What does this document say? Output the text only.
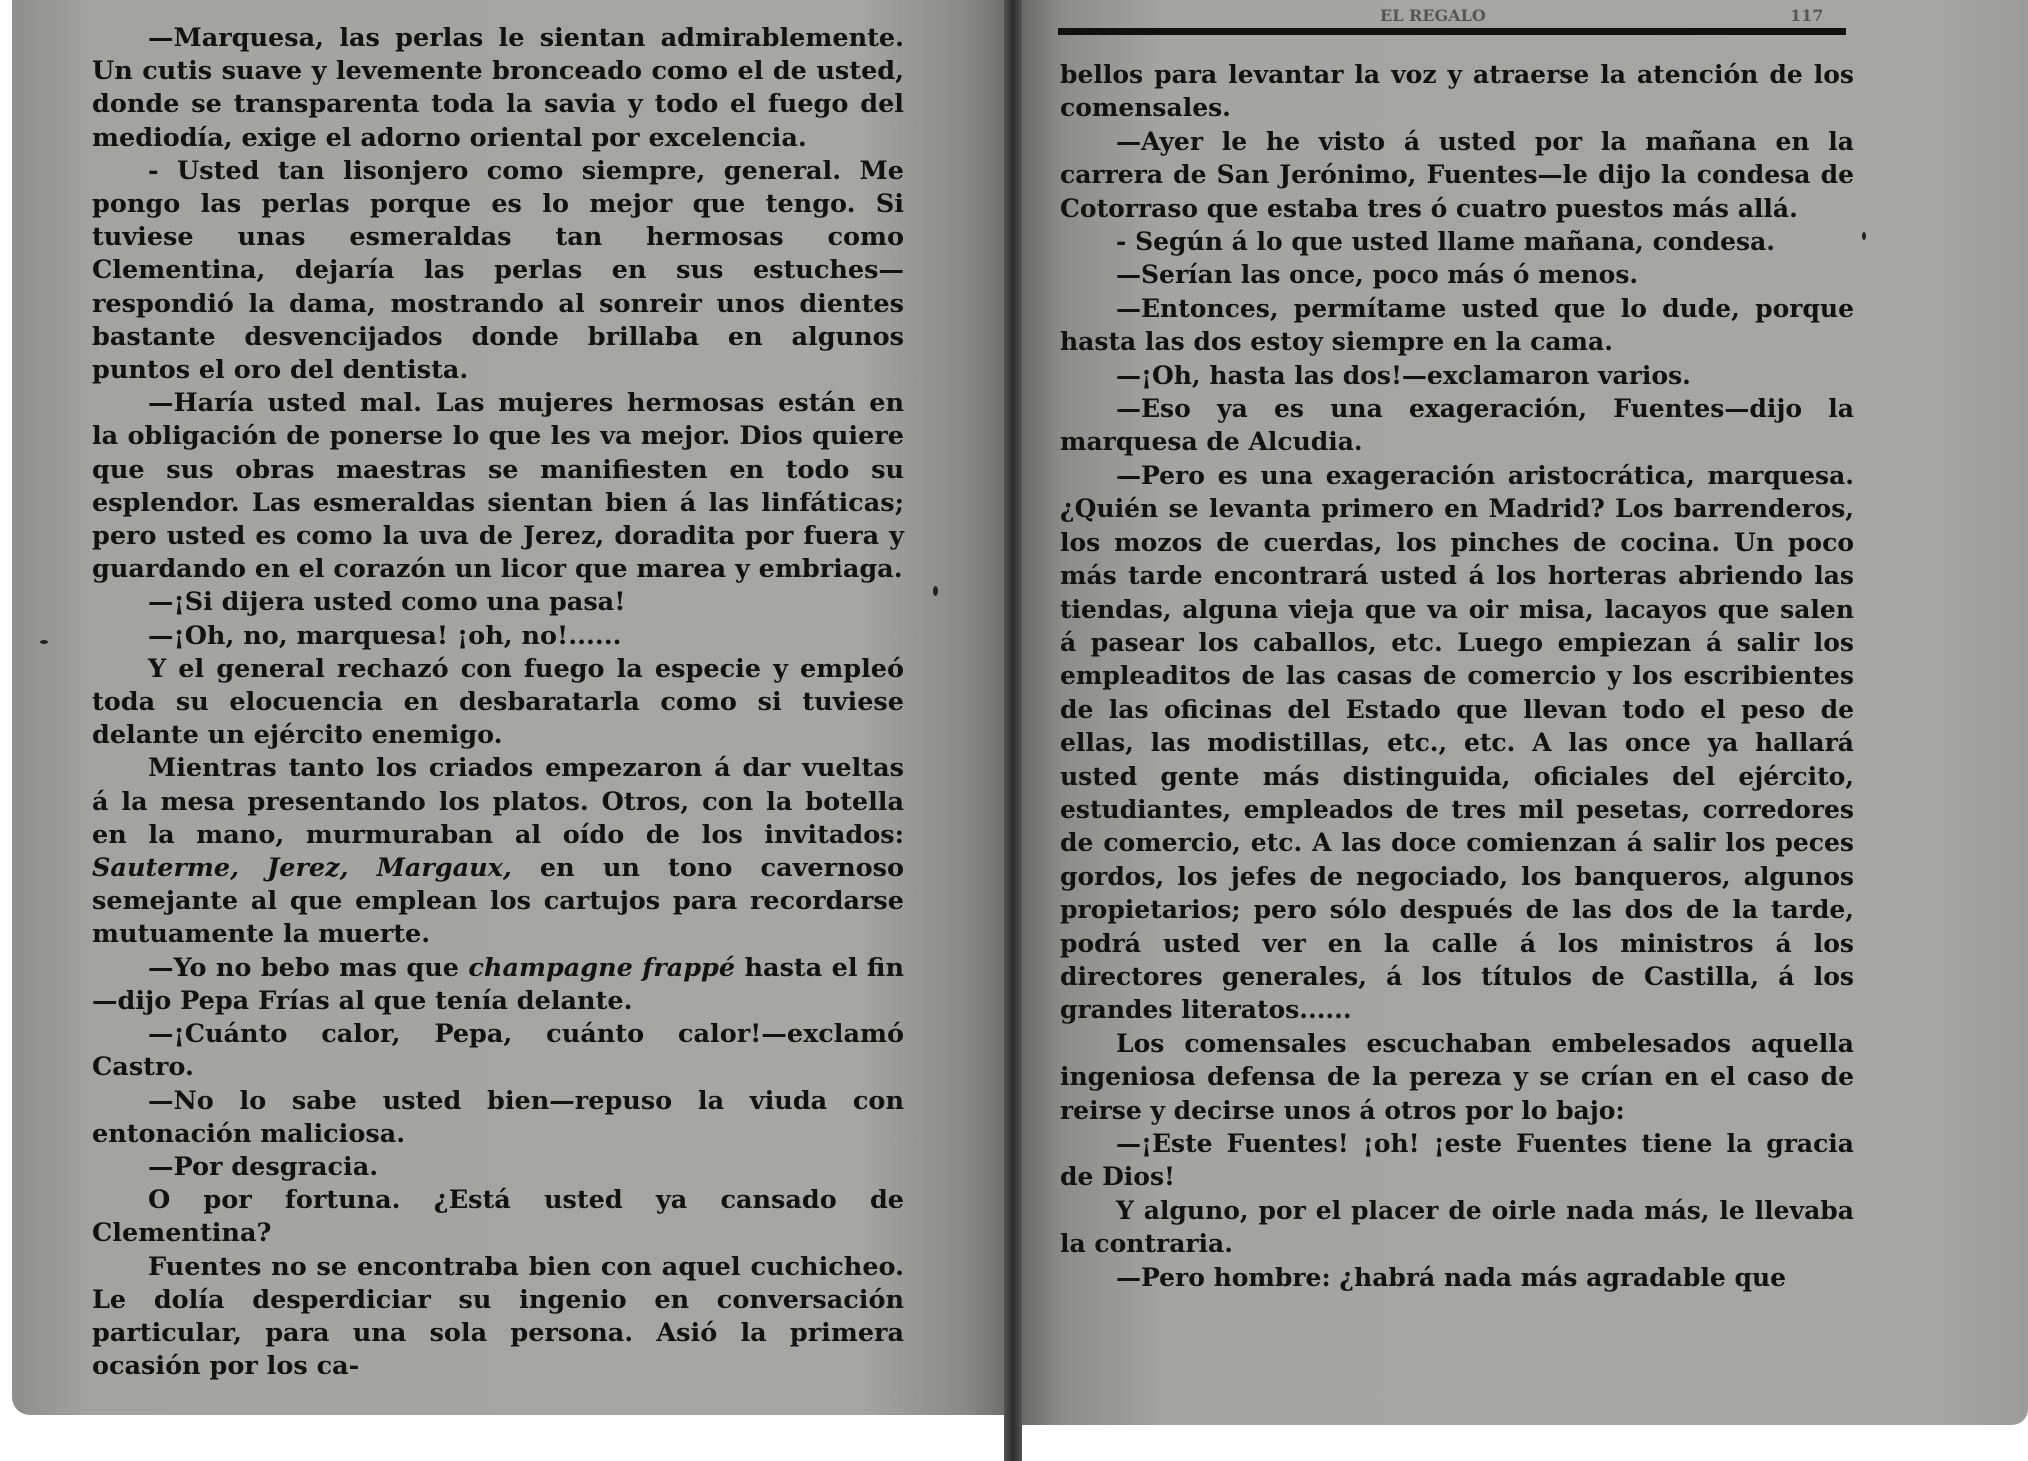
—Marquesa, las perlas le sientan admirablemente. Un cutis suave y levemente bronceado como el de usted, donde se transparenta toda la savia y todo el fuego del mediodía, exige el adorno oriental por excelencia.

- Usted tan lisonjero como siempre, general. Me pongo las perlas porque es lo mejor que tengo. Si tuviese unas esmeraldas tan hermosas como Clementina, dejaría las perlas en sus estuches—respondió la dama, mostrando al sonreir unos dientes bastante desvencijados donde brillaba en algunos puntos el oro del dentista.

—Haría usted mal. Las mujeres hermosas están en la obligación de ponerse lo que les va mejor. Dios quiere que sus obras maestras se manifiesten en todo su esplendor. Las esmeraldas sientan bien á las linfáticas; pero usted es como la uva de Jerez, doradita por fuera y guardando en el corazón un licor que marea y embriaga.

—¡Si dijera usted como una pasa!

—¡Oh, no, marquesa! ¡oh, no!......

Y el general rechazó con fuego la especie y empleó toda su elocuencia en desbaratarla como si tuviese delante un ejército enemigo.

Mientras tanto los criados empezaron á dar vueltas á la mesa presentando los platos. Otros, con la botella en la mano, murmuraban al oído de los invitados: Sauterme, Jerez, Margaux, en un tono cavernoso semejante al que emplean los cartujos para recordarse mutuamente la muerte.

—Yo no bebo mas que champagne frappé hasta el fin—dijo Pepa Frías al que tenía delante.

—¡Cuánto calor, Pepa, cuánto calor!—exclamó Castro.

—No lo sabe usted bien—repuso la viuda con entonación maliciosa.

—Por desgracia.

O por fortuna. ¿Está usted ya cansado de Clementina?

Fuentes no se encontraba bien con aquel cuchicheo. Le dolía desperdiciar su ingenio en conversación particular, para una sola persona. Asió la primera ocasión por los ca-

bellos para levantar la voz y atraerse la atención de los comensales.

—Ayer le he visto á usted por la mañana en la carrera de San Jerónimo, Fuentes—le dijo la condesa de Cotorraso que estaba tres ó cuatro puestos más allá.

- Según á lo que usted llame mañana, condesa.

—Serían las once, poco más ó menos.

—Entonces, permítame usted que lo dude, porque hasta las dos estoy siempre en la cama.

—¡Oh, hasta las dos!—exclamaron varios.

—Eso ya es una exageración, Fuentes—dijo la marquesa de Alcudia.

—Pero es una exageración aristocrática, marquesa. ¿Quién se levanta primero en Madrid? Los barrenderos, los mozos de cuerdas, los pinches de cocina. Un poco más tarde encontrará usted á los horteras abriendo las tiendas, alguna vieja que va oir misa, lacayos que salen á pasear los caballos, etc. Luego empiezan á salir los empleaditos de las casas de comercio y los escribientes de las oficinas del Estado que llevan todo el peso de ellas, las modistillas, etc., etc. A las once ya hallará usted gente más distinguida, oficiales del ejército, estudiantes, empleados de tres mil pesetas, corredores de comercio, etc. A las doce comienzan á salir los peces gordos, los jefes de negociado, los banqueros, algunos propietarios; pero sólo después de las dos de la tarde, podrá usted ver en la calle á los ministros á los directores generales, á los títulos de Castilla, á los grandes literatos......

Los comensales escuchaban embelesados aquella ingeniosa defensa de la pereza y se crían en el caso de reirse y decirse unos á otros por lo bajo:

—¡Este Fuentes! ¡oh! ¡este Fuentes tiene la gracia de Dios!

Y alguno, por el placer de oirle nada más, le llevaba la contraria.

—Pero hombre: ¿habrá nada más agradable que

EL REGALO	117
